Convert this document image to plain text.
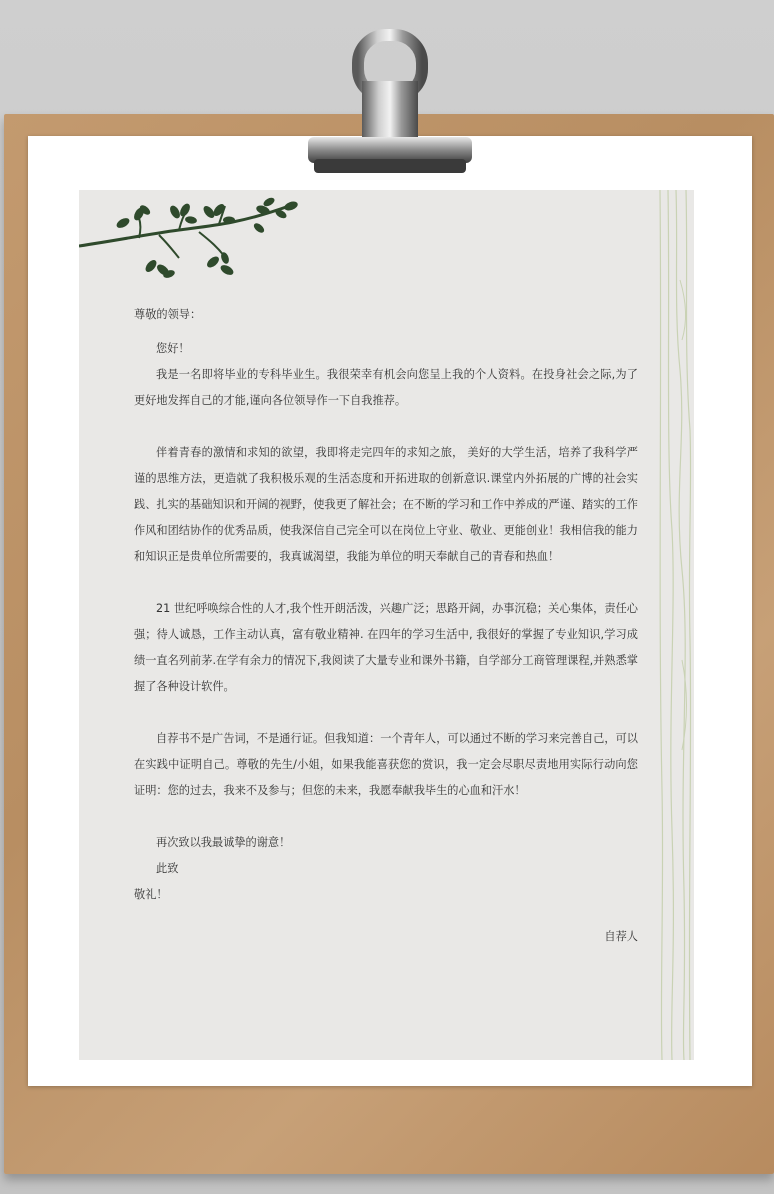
尊敬的领导：

您好！

我是一名即将毕业的专科毕业生。我很荣幸有机会向您呈上我的个人资料。在投身社会之际,为了更好地发挥自己的才能,谨向各位领导作一下自我推荐。

伴着青春的激情和求知的欲望，我即将走完四年的求知之旅， 美好的大学生活，培养了我科学严谨的思维方法，更造就了我积极乐观的生活态度和开拓进取的创新意识.课堂内外拓展的广博的社会实践、扎实的基础知识和开阔的视野，使我更了解社会；在不断的学习和工作中养成的严谨、踏实的工作作风和团结协作的优秀品质，使我深信自己完全可以在岗位上守业、敬业、更能创业！我相信我的能力和知识正是贵单位所需要的，我真诚渴望，我能为单位的明天奉献自己的青春和热血！

21 世纪呼唤综合性的人才,我个性开朗活泼，兴趣广泛；思路开阔，办事沉稳；关心集体，责任心强；待人诚恳，工作主动认真，富有敬业精神. 在四年的学习生活中, 我很好的掌握了专业知识,学习成绩一直名列前茅.在学有余力的情况下,我阅读了大量专业和课外书籍，自学部分工商管理课程,并熟悉掌握了各种设计软件。

自荐书不是广告词，不是通行证。但我知道：一个青年人，可以通过不断的学习来完善自己，可以在实践中证明自己。尊敬的先生/小姐，如果我能喜获您的赏识，我一定会尽职尽责地用实际行动向您证明：您的过去，我来不及参与；但您的未来，我愿奉献我毕生的心血和汗水！

再次致以我最诚挚的谢意！

此致

敬礼！

自荐人
